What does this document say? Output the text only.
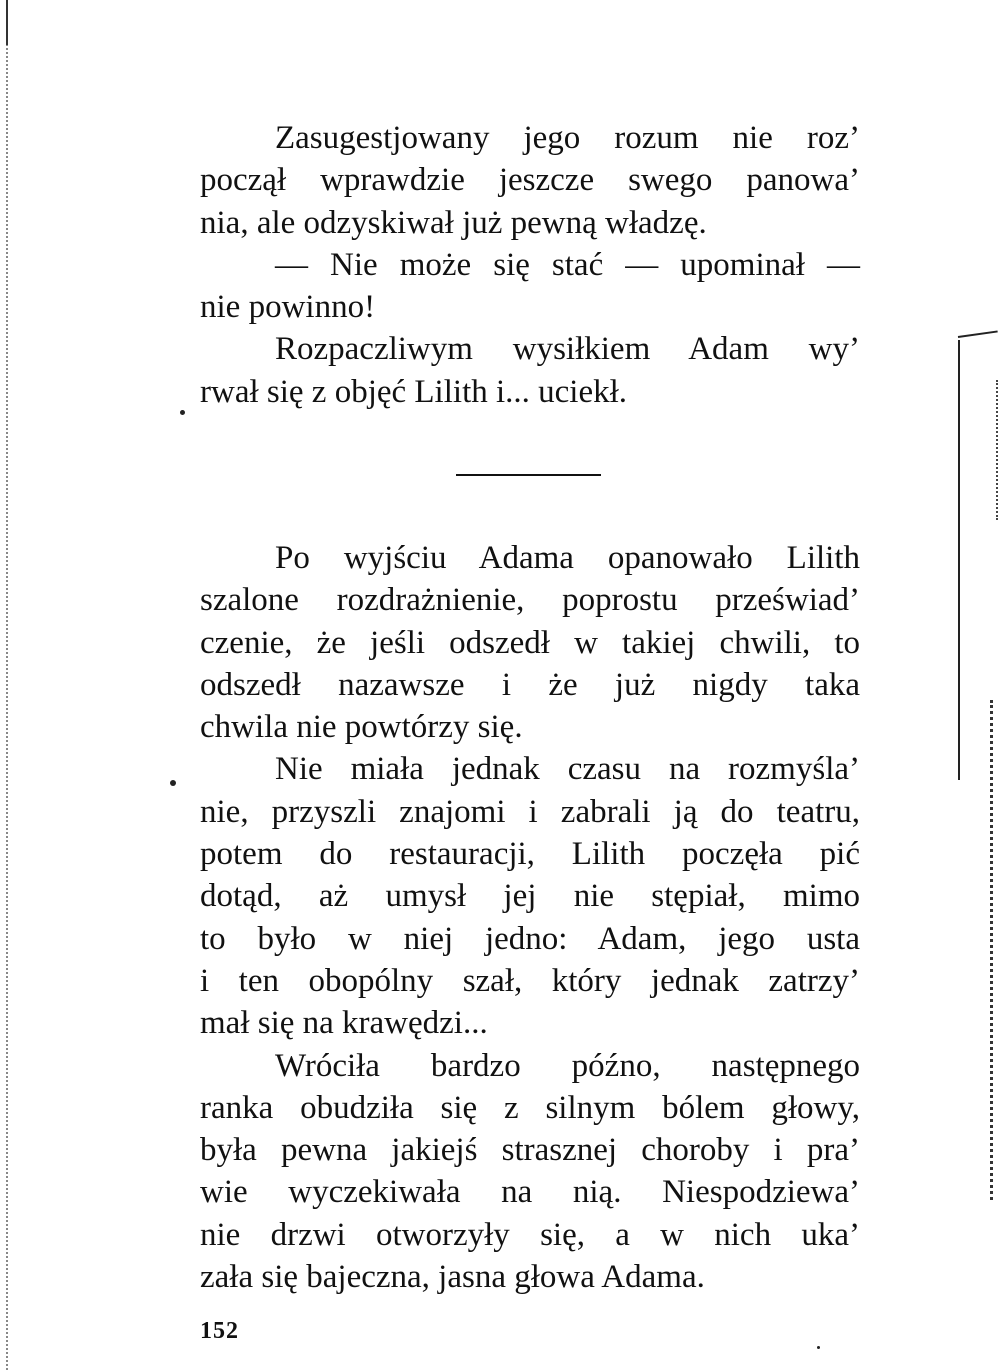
Zasugestjowany jego rozum nie roz’
począł wprawdzie jeszcze swego panowa’
nia, ale odzyskiwał już pewną władzę.
— Nie może się stać — upominał —
nie powinno!
Rozpaczliwym wysiłkiem Adam wy’
rwał się z objęć Lilith i... uciekł.
Po wyjściu Adama opanowało Lilith
szalone rozdrażnienie, poprostu przeświad’
czenie, że jeśli odszedł w takiej chwili, to
odszedł nazawsze i że już nigdy taka
chwila nie powtórzy się.
Nie miała jednak czasu na rozmyśla’
nie, przyszli znajomi i zabrali ją do teatru,
potem do restauracji, Lilith poczęła pić
dotąd, aż umysł jej nie stępiał, mimo
to było w niej jedno: Adam, jego usta
i ten obopólny szał, który jednak zatrzy’
mał się na krawędzi...
Wróciła bardzo późno, następnego
ranka obudziła się z silnym bólem głowy,
była pewna jakiejś strasznej choroby i pra’
wie wyczekiwała na nią. Niespodziewa’
nie drzwi otworzyły się, a w nich uka’
zała się bajeczna, jasna głowa Adama.
152
